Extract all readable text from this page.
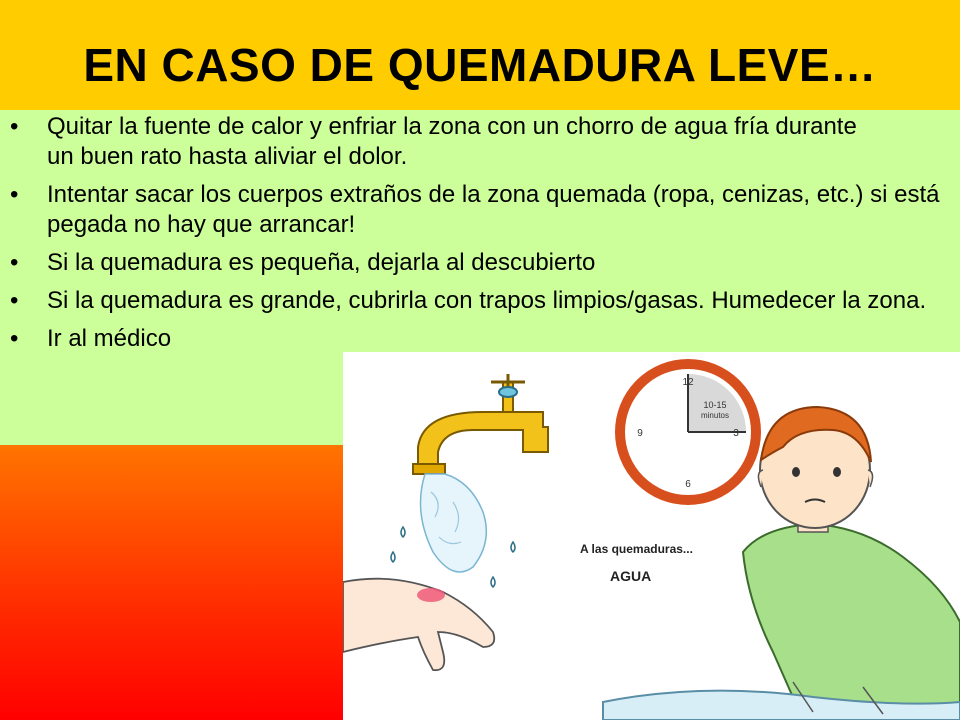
EN CASO DE QUEMADURA LEVE…
• Quitar la fuente de calor y enfriar la zona con un chorro de agua fría durante un buen rato hasta aliviar el dolor.
• Intentar sacar los cuerpos extraños de la zona quemada (ropa, cenizas, etc.) si está pegada no hay que arrancar!
• Si la quemadura es pequeña, dejarla al descubierto
• Si la quemadura es grande, cubrirla con trapos limpios/gasas. Humedecer la zona.
• Ir al médico
12
3
6
9
10-15
minutos
A las quemaduras...
AGUA
